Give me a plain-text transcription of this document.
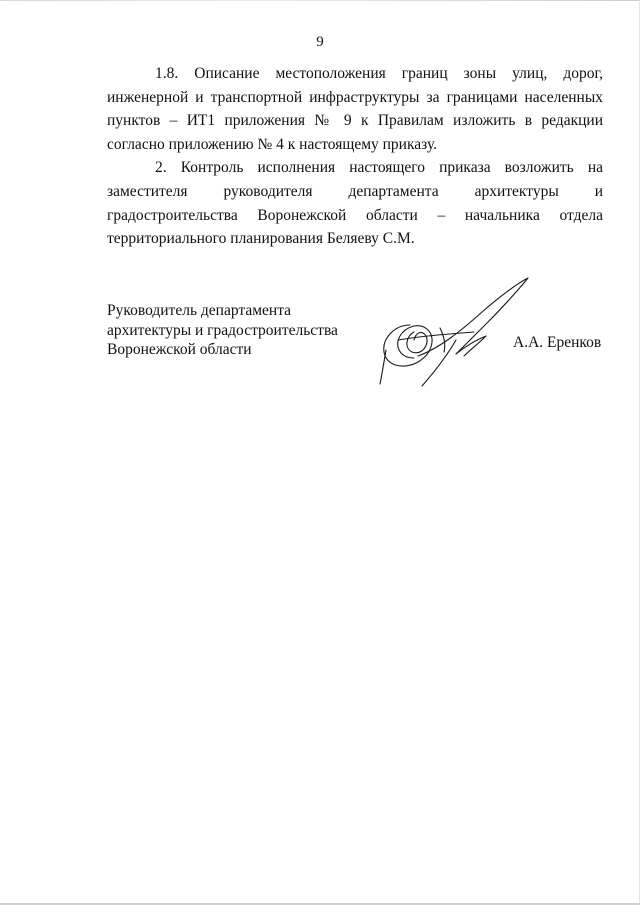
9

1.8. Описание местоположения границ зоны улиц, дорог, инженерной и транспортной инфраструктуры за границами населенных пунктов – ИТ1 приложения № 9 к Правилам изложить в редакции согласно приложению № 4 к настоящему приказу.

2. Контроль исполнения настоящего приказа возложить на заместителя руководителя департамента архитектуры и градостроительства Воронежской области – начальника отдела территориального планирования Беляеву С.М.

Руководитель департамента
архитектуры и градостроительства
Воронежской области	А.А. Еренков
